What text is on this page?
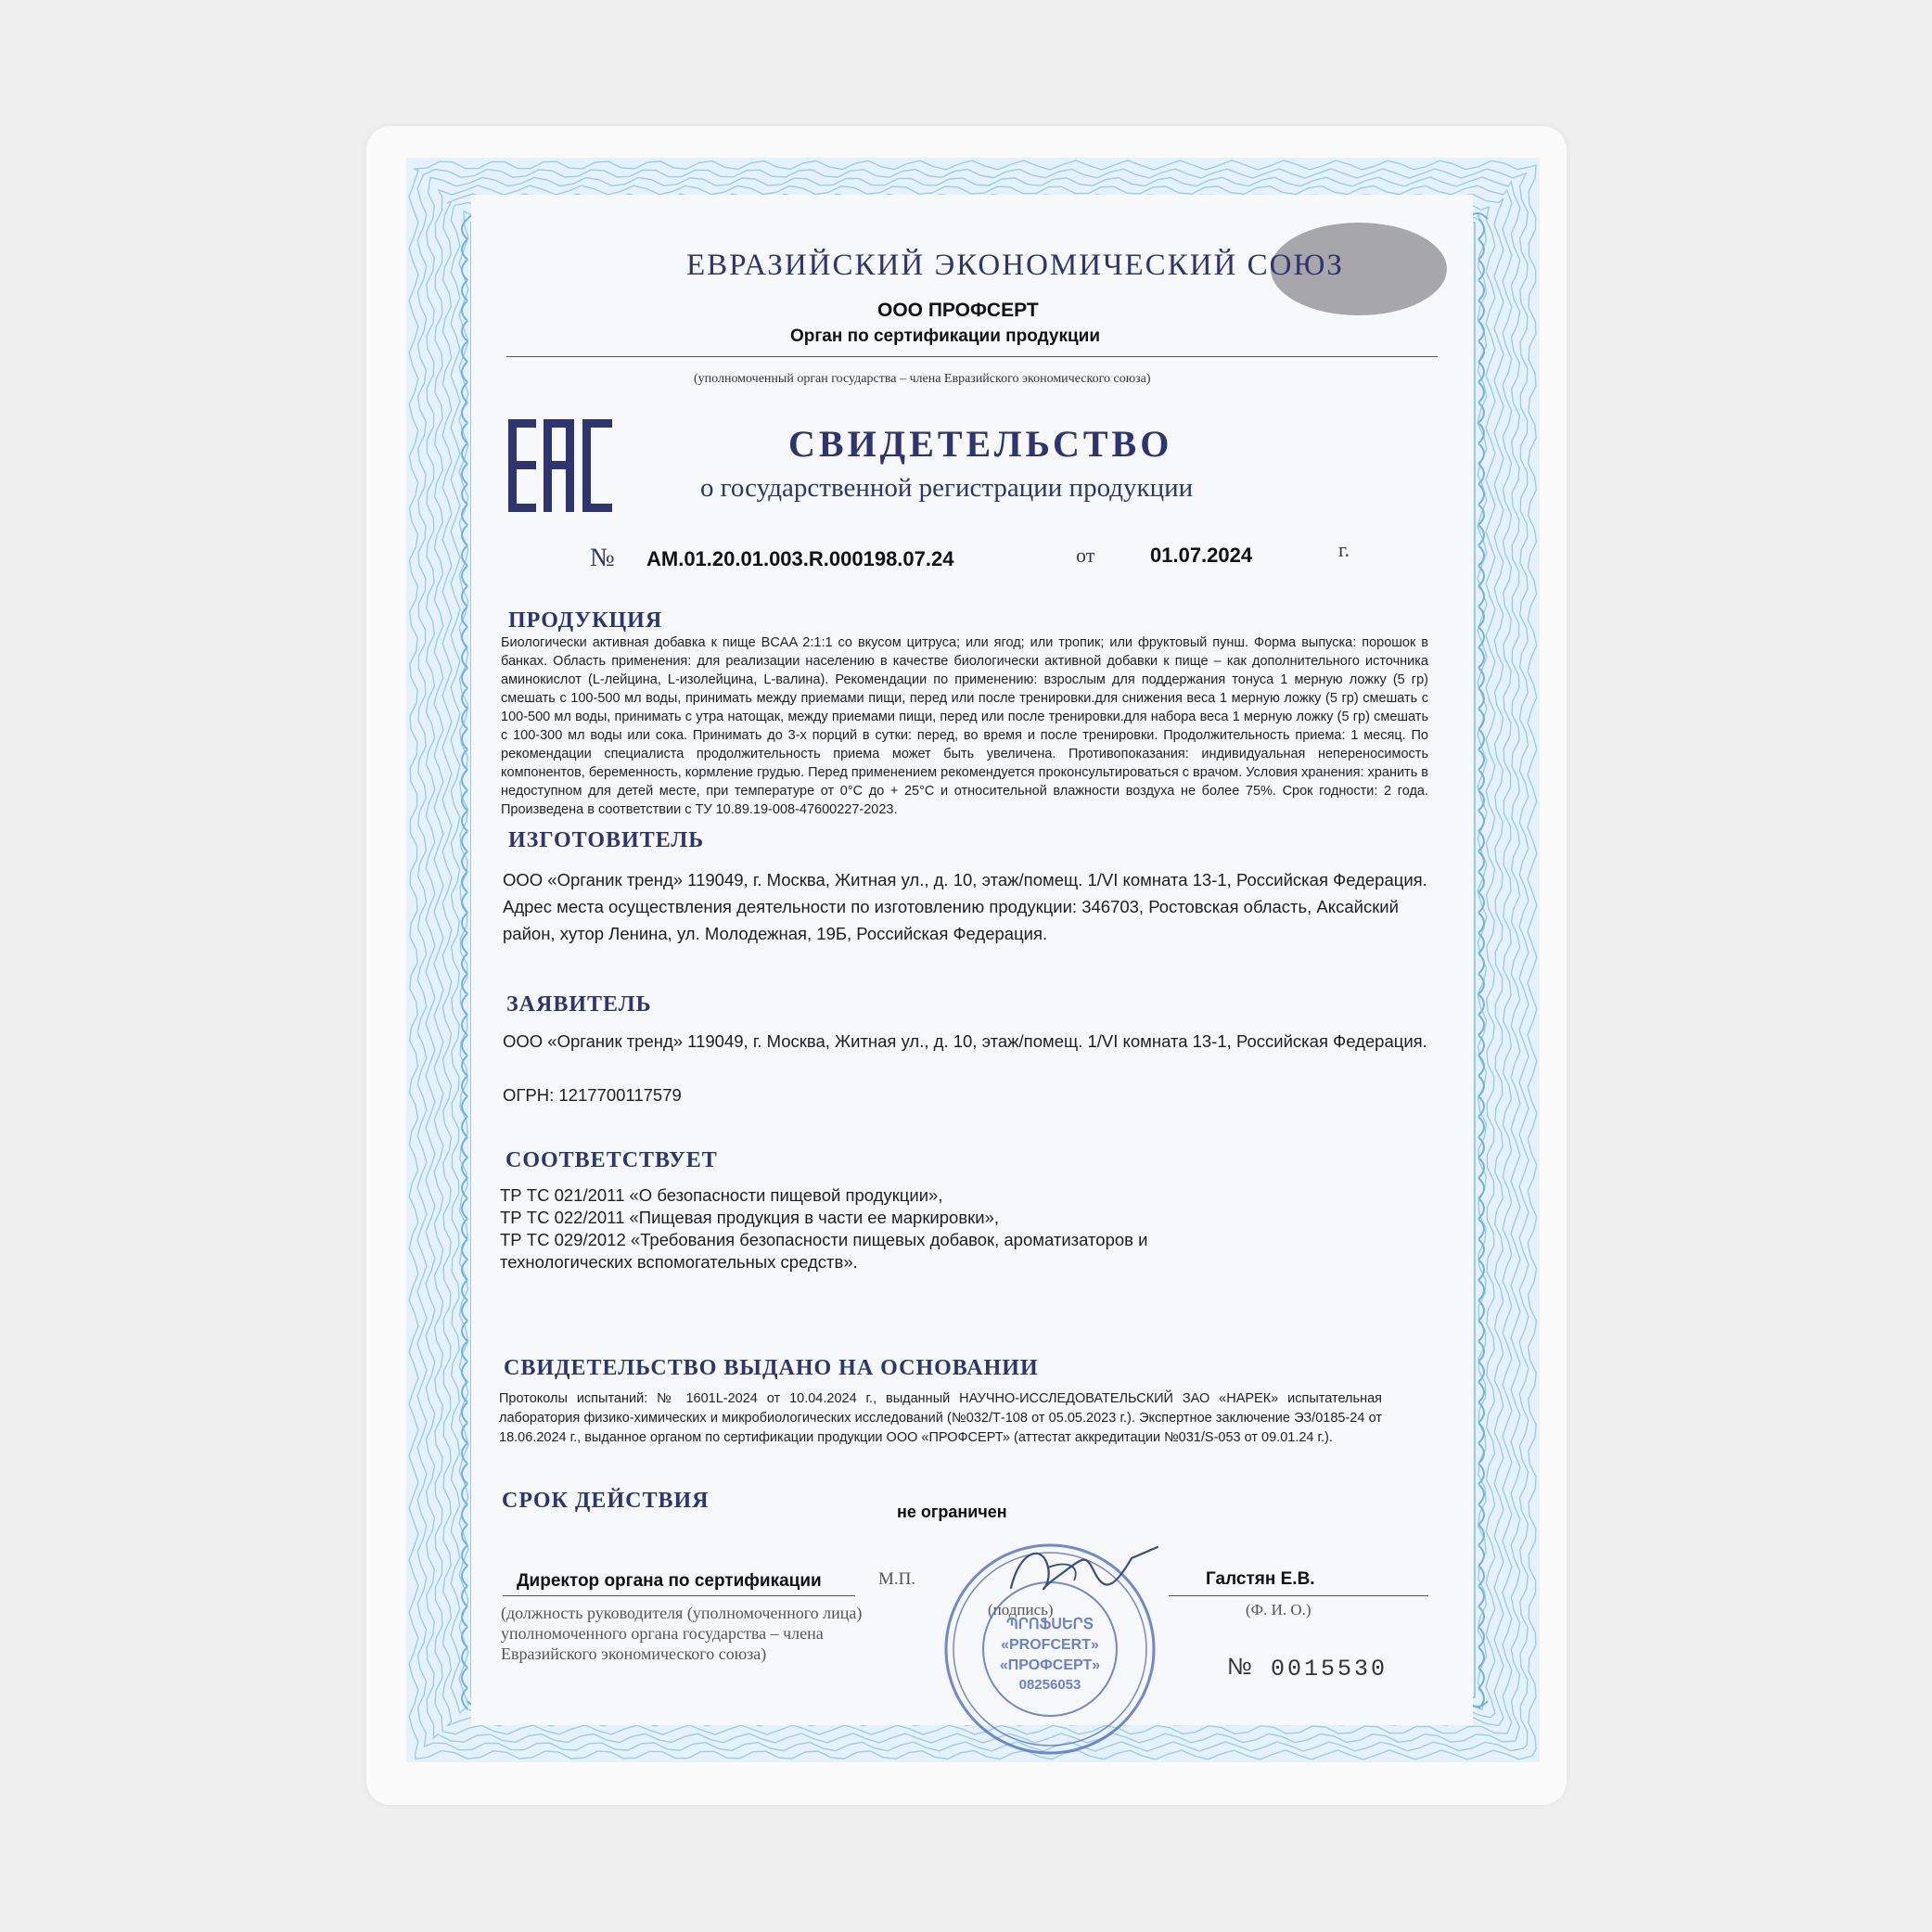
ЕВРАЗИЙСКИЙ ЭКОНОМИЧЕСКИЙ СОЮЗ
ООО ПРОФСЕРТ
Орган по сертификации продукции
(уполномоченный орган государства – члена Евразийского экономического союза)
СВИДЕТЕЛЬСТВО
о государственной регистрации продукции
№ AM.01.20.01.003.R.000198.07.24	от	01.07.2024	г.
ПРОДУКЦИЯ
Биологически активная добавка к пище BCAA 2:1:1 со вкусом цитруса; или ягод; или тропик; или фруктовый пунш. Форма выпуска: порошок в банках. Область применения: для реализации населению в качестве биологически активной добавки к пище – как дополнительного источника аминокислот (L-лейцина, L-изолейцина, L-валина). Рекомендации по применению: взрослым для поддержания тонуса 1 мерную ложку (5 гр) смешать с 100-500 мл воды, принимать между приемами пищи, перед или после тренировки.для снижения веса 1 мерную ложку (5 гр) смешать с 100-500 мл воды, принимать с утра натощак, между приемами пищи, перед или после тренировки.для набора веса 1 мерную ложку (5 гр) смешать с 100-300 мл воды или сока. Принимать до 3-х порций в сутки: перед, во время и после тренировки. Продолжительность приема: 1 месяц. По рекомендации специалиста продолжительность приема может быть увеличена. Противопоказания: индивидуальная непереносимость компонентов, беременность, кормление грудью. Перед применением рекомендуется проконсультироваться с врачом. Условия хранения: хранить в недоступном для детей месте, при температуре от 0°С до + 25°С и относительной влажности воздуха не более 75%. Срок годности: 2 года. Произведена в соответствии с ТУ 10.89.19-008-47600227-2023.
ИЗГОТОВИТЕЛЬ
ООО «Органик тренд» 119049, г. Москва, Житная ул., д. 10, этаж/помещ. 1/VI комната 13-1, Российская Федерация. Адрес места осуществления деятельности по изготовлению продукции: 346703, Ростовская область, Аксайский район, хутор Ленина, ул. Молодежная, 19Б, Российская Федерация.
ЗАЯВИТЕЛЬ
ООО «Органик тренд» 119049, г. Москва, Житная ул., д. 10, этаж/помещ. 1/VI комната 13-1, Российская Федерация.
ОГРН: 1217700117579
СООТВЕТСТВУЕТ
ТР ТС 021/2011 «О безопасности пищевой продукции»,
ТР ТС 022/2011 «Пищевая продукция в части ее маркировки»,
ТР ТС 029/2012 «Требования безопасности пищевых добавок, ароматизаторов и технологических вспомогательных средств».
СВИДЕТЕЛЬСТВО ВЫДАНО НА ОСНОВАНИИ
Протоколы испытаний: № 1601L-2024 от 10.04.2024 г., выданный НАУЧНО-ИССЛЕДОВАТЕЛЬСКИЙ ЗАО «НАРЕК» испытательная лаборатория физико-химических и микробиологических исследований (№032/Т-108 от 05.05.2023 г.). Экспертное заключение ЭЗ/0185-24 от 18.06.2024 г., выданное органом по сертификации продукции ООО «ПРОФСЕРТ» (аттестат аккредитации №031/S-053 от 09.01.24 г.).
СРОК ДЕЙСТВИЯ	не ограничен
Директор органа по сертификации	М.П.	Галстян Е.В.
(должность руководителя (уполномоченного лица) уполномоченного органа государства – члена Евразийского экономического союза)
(подпись)	(Ф. И. О.)
ՊՐՈՖՍԵՐՏ
«PROFCERT»
«ПРОФСЕРТ»
08256053
№ 0015530
